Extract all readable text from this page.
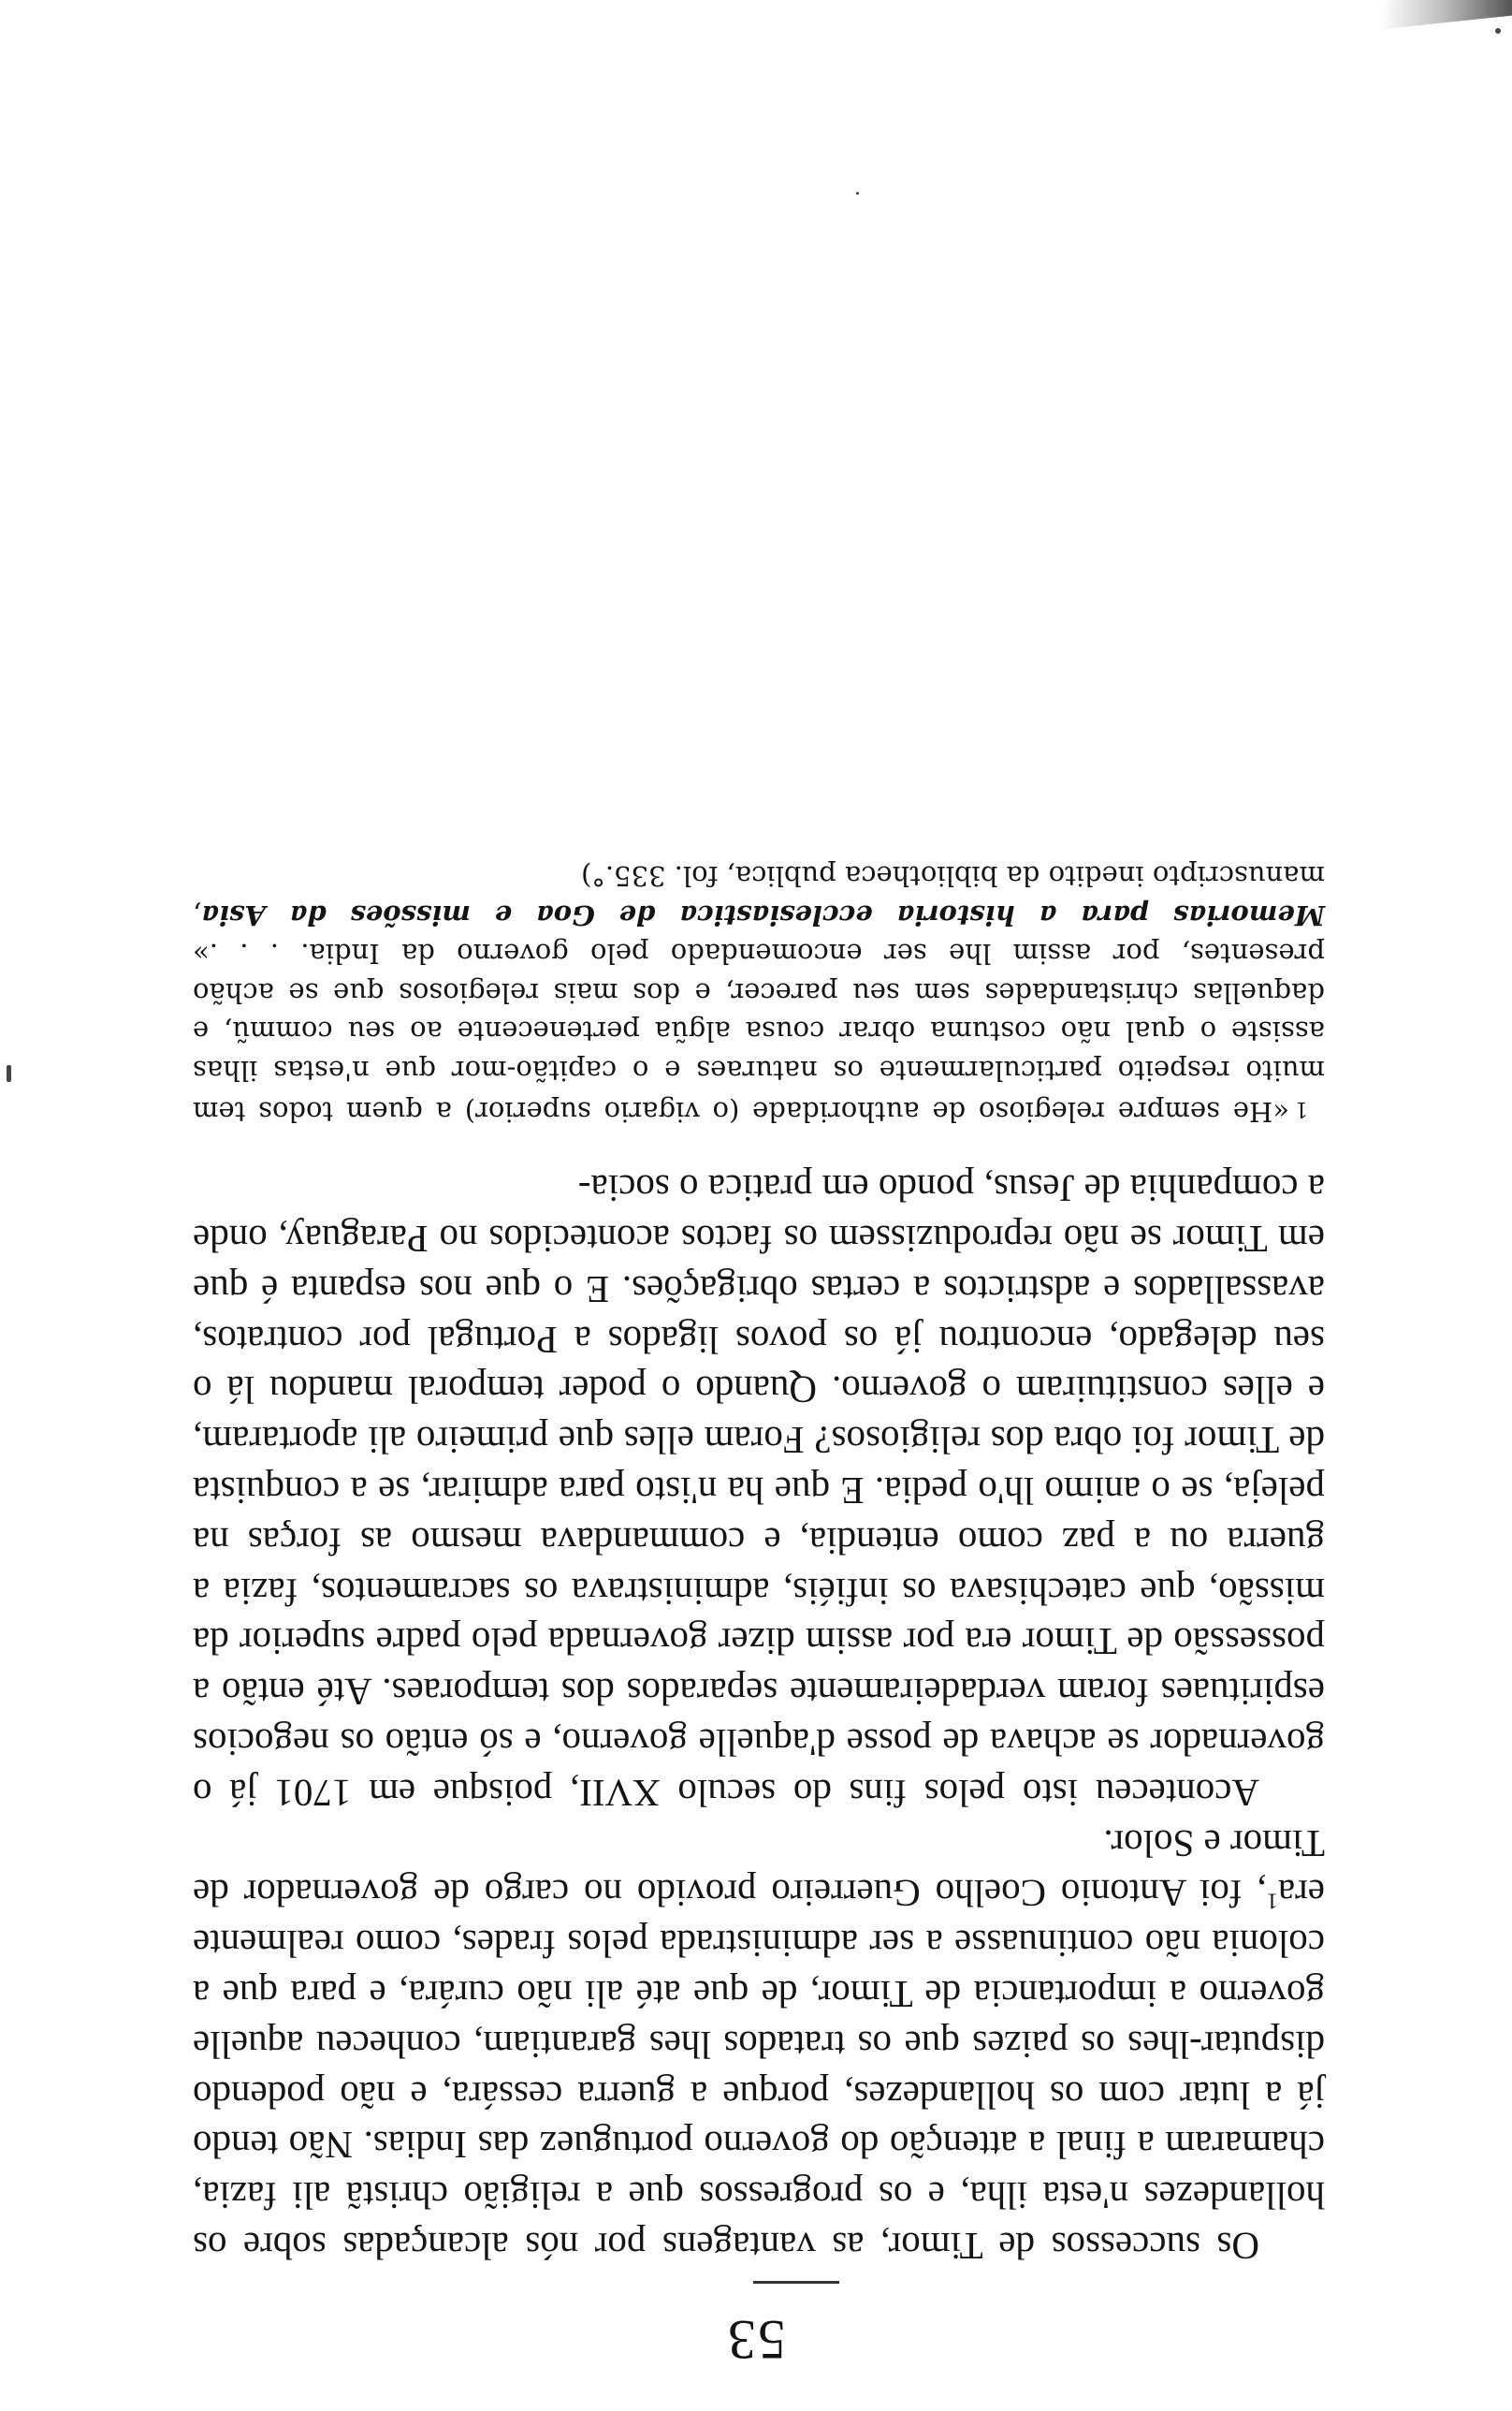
53

Os successos de Timor, as vantagens por nós alcançadas sobre os hollandezes n'esta ilha, e os progressos que a religião christã ali fazia, chamaram a final a attenção do governo portuguez das Indias. Não tendo já a lutar com os hollandezes, porque a guerra cessára, e não podendo disputar-lhes os paizes que os tratados lhes garantiam, conheceu aquelle governo a importancia de Timor, de que até ali não curára, e para que a colonia não continuasse a ser administrada pelos frades, como realmente era$^1$, foi Antonio Coelho Guerreiro provido no cargo de governador de Timor e Solor.

Aconteceu isto pelos fins do seculo XVII, poisque em 1701 já o governador se achava de posse d'aquelle governo, e só então os negocios espirituaes foram verdadeiramente separados dos temporaes. Até então a possessão de Timor era por assim dizer governada pelo padre superior da missão, que catechisava os infiéis, administrava os sacramentos, fazia a guerra ou a paz como entendia, e commandava mesmo as forças na peleja, se o animo lh'o pedia. E que ha n'isto para admirar, se a conquista de Timor foi obra dos religiosos? Foram elles que primeiro ali aportaram, e elles constituiram o governo. Quando o poder temporal mandou lá o seu delegado, encontrou já os povos ligados a Portugal por contratos, avassallados e adstrictos a certas obrigações. E o que nos espanta é que em Timor se não reproduzissem os factos acontecidos no Paraguay, onde a companhia de Jesus, pondo em pratica o socia-

1«He sempre relegioso de authoridade (o vigario superior) a quem todos tem muito respeito particularmente os naturaes e o capitão-mor que n'estas ilhas assiste o qual não costuma obrar cousa algũa pertenecente ao seu commũ, e daquellas christandades sem seu parecer, e dos mais relegiosos que se achão presentes, por assim lhe ser encomendado pelo governo da India. . . .» Memorias para a historia ecclesiastica de Goa e missões da Asia, manuscripto inedito da bibliotheca publica, fol. 335.°)
